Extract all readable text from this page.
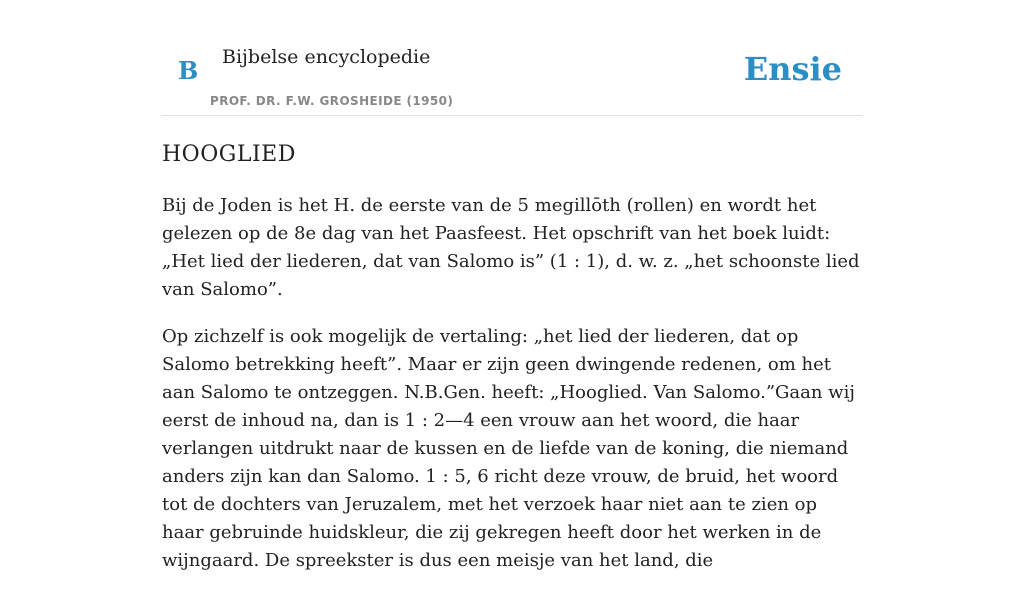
B Bijbelse encyclopedie
PROF. DR. F.W. GROSHEIDE (1950)
Ensie
HOOGLIED

Bij de Joden is het H. de eerste van de 5 megillōth (rollen) en wordt het gelezen op de 8e dag van het Paasfeest. Het opschrift van het boek luidt: „Het lied der liederen, dat van Salomo is” (1 : 1), d. w. z. „het schoonste lied van Salomo”.

Op zichzelf is ook mogelijk de vertaling: „het lied der liederen, dat op Salomo betrekking heeft”. Maar er zijn geen dwingende redenen, om het aan Salomo te ontzeggen. N.B.Gen. heeft: „Hooglied. Van Salomo.”Gaan wij eerst de inhoud na, dan is 1 : 2—4 een vrouw aan het woord, die haar verlangen uitdrukt naar de kussen en de liefde van de koning, die niemand anders zijn kan dan Salomo. 1 : 5, 6 richt deze vrouw, de bruid, het woord tot de dochters van Jeruzalem, met het verzoek haar niet aan te zien op haar gebruinde huidskleur, die zij gekregen heeft door het werken in de wijngaard. De spreekster is dus een meisje van het land, die
